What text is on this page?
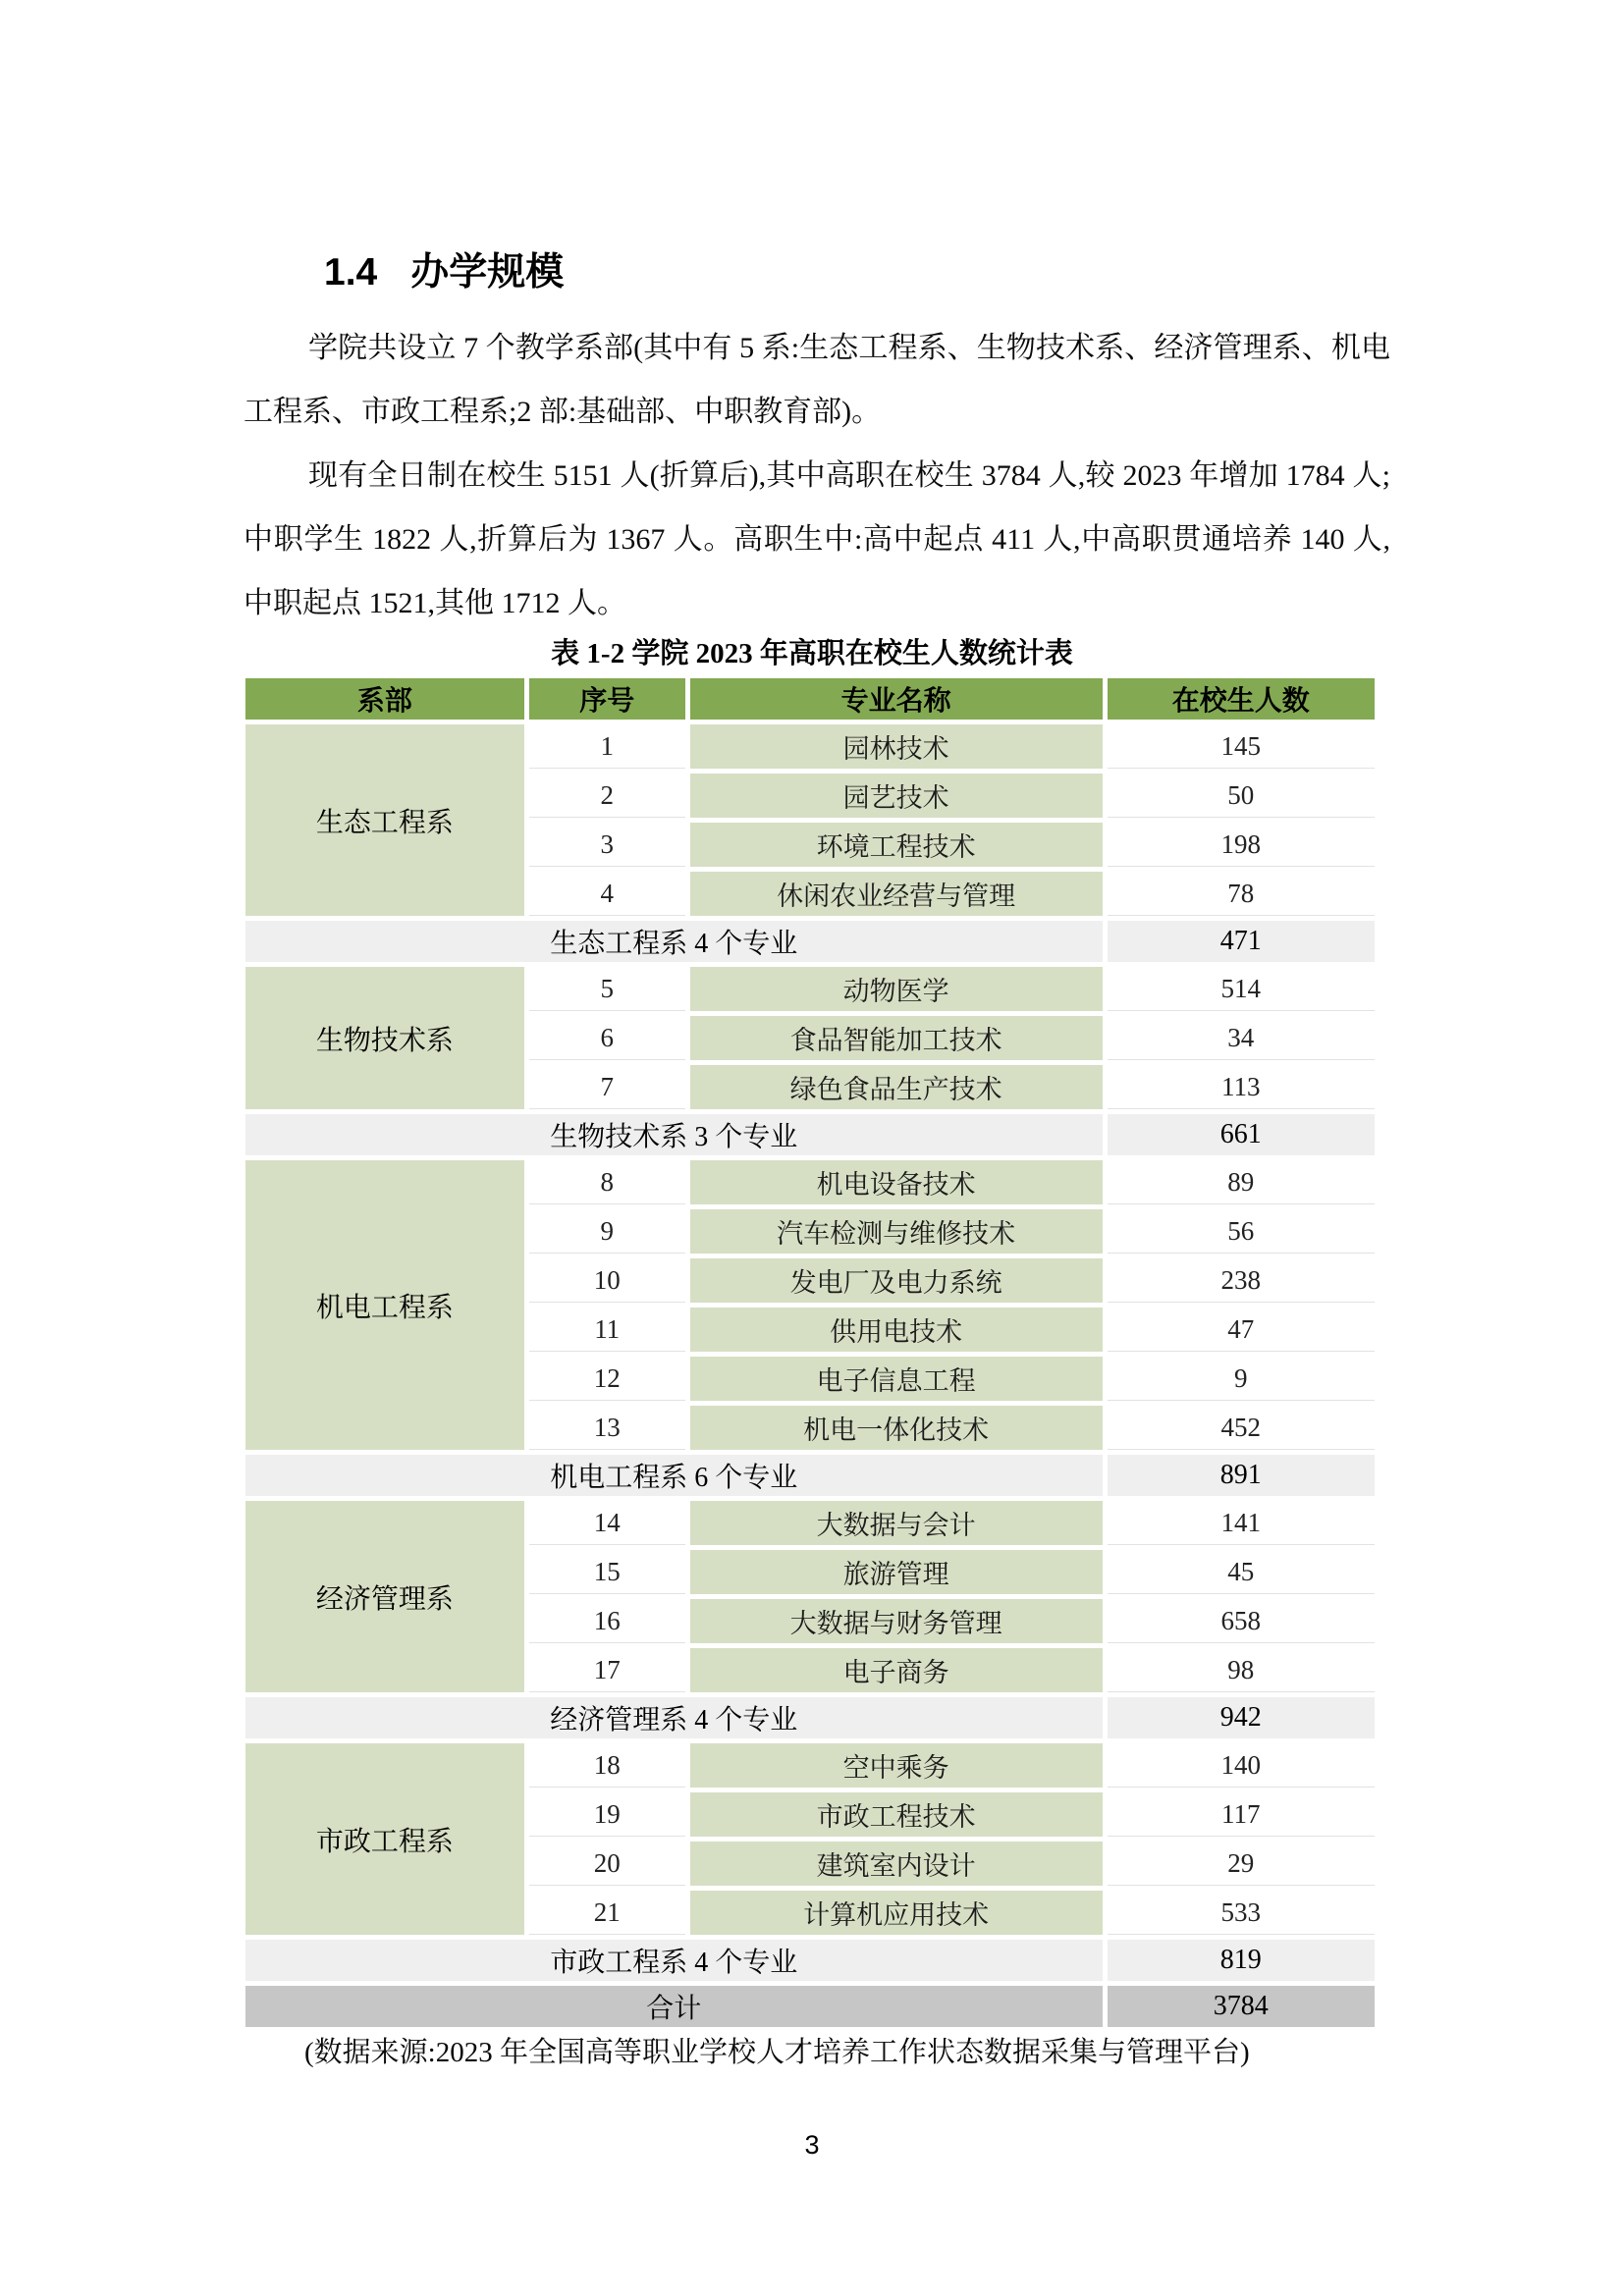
1.4 办学规模

学院共设立 7 个教学系部(其中有 5 系:生态工程系、生物技术系、经济管理系、机电工程系、市政工程系;2 部:基础部、中职教育部)。

现有全日制在校生 5151 人(折算后),其中高职在校生 3784 人,较 2023 年增加 1784 人;中职学生 1822 人,折算后为 1367 人。高职生中:高中起点 411 人,中高职贯通培养 140 人,中职起点 1521,其他 1712 人。

表 1-2 学院 2023 年高职在校生人数统计表
系部	序号	专业名称	在校生人数
生态工程系	1	园林技术	145
	2	园艺技术	50
	3	环境工程技术	198
	4	休闲农业经营与管理	78
生态工程系 4 个专业			471
生物技术系	5	动物医学	514
	6	食品智能加工技术	34
	7	绿色食品生产技术	113
生物技术系 3 个专业			661
机电工程系	8	机电设备技术	89
	9	汽车检测与维修技术	56
	10	发电厂及电力系统	238
	11	供用电技术	47
	12	电子信息工程	9
	13	机电一体化技术	452
机电工程系 6 个专业			891
经济管理系	14	大数据与会计	141
	15	旅游管理	45
	16	大数据与财务管理	658
	17	电子商务	98
经济管理系 4 个专业			942
市政工程系	18	空中乘务	140
	19	市政工程技术	117
	20	建筑室内设计	29
	21	计算机应用技术	533
市政工程系 4 个专业			819
合计			3784
(数据来源:2023 年全国高等职业学校人才培养工作状态数据采集与管理平台)
3
